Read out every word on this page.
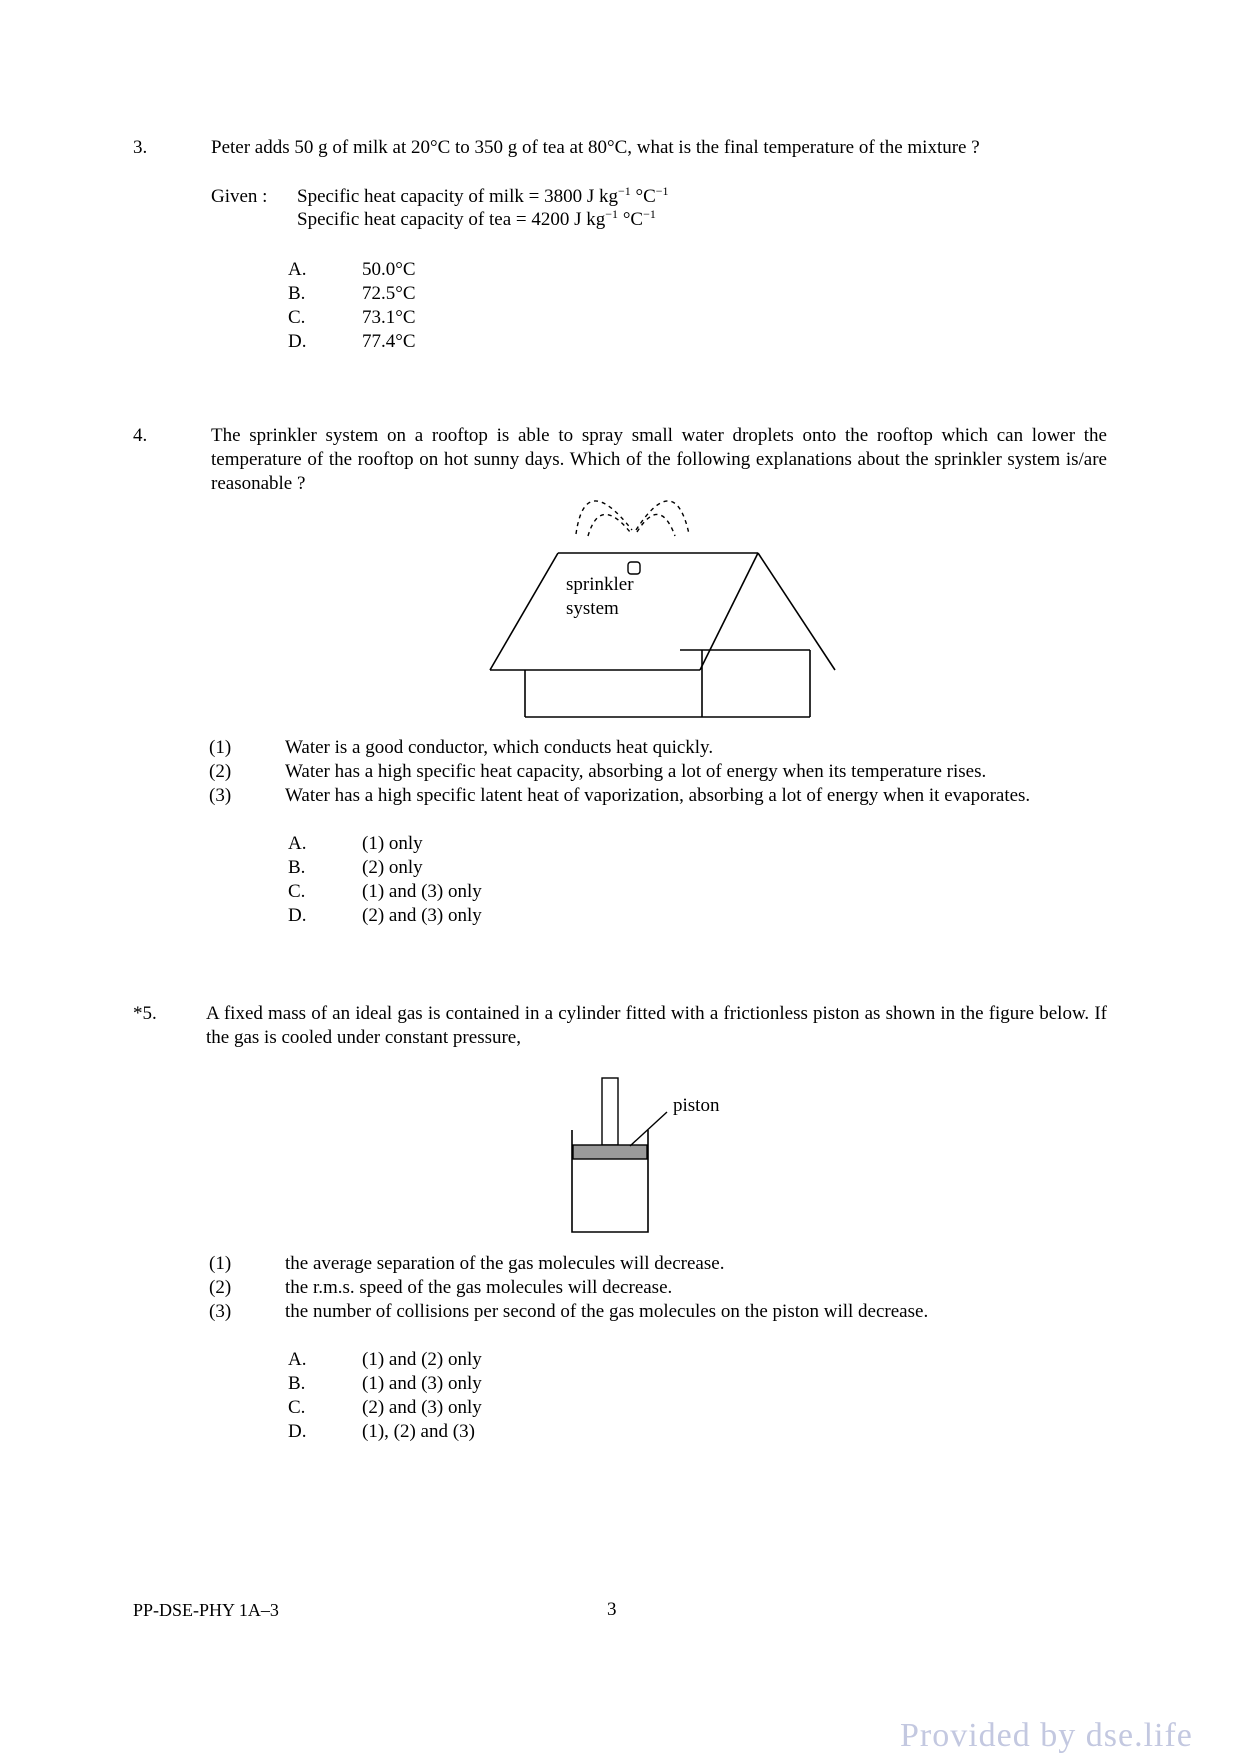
3.	Peter adds 50 g of milk at 20°C to 350 g of tea at 80°C, what is the final temperature of the mixture ?
Given : Specific heat capacity of milk = 3800 J $kg^{-1}$ $^\circ C^{-1}$
Specific heat capacity of tea = 4200 J $kg^{-1}$ $^\circ C^{-1}$
A.	50.0°C
B.	72.5°C
C.	73.1°C
D.	77.4°C
4.	The sprinkler system on a rooftop is able to spray small water droplets onto the rooftop which can lower the temperature of the rooftop on hot sunny days. Which of the following explanations about the sprinkler system is/are reasonable ?
sprinkler
system
(1)	Water is a good conductor, which conducts heat quickly.
(2)	Water has a high specific heat capacity, absorbing a lot of energy when its temperature rises.
(3)	Water has a high specific latent heat of vaporization, absorbing a lot of energy when it evaporates.
A.	(1) only
B.	(2) only
C.	(1) and (3) only
D.	(2) and (3) only
*5.	A fixed mass of an ideal gas is contained in a cylinder fitted with a frictionless piston as shown in the figure below. If the gas is cooled under constant pressure,
piston
(1)	the average separation of the gas molecules will decrease.
(2)	the r.m.s. speed of the gas molecules will decrease.
(3)	the number of collisions per second of the gas molecules on the piston will decrease.
A.	(1) and (2) only
B.	(1) and (3) only
C.	(2) and (3) only
D.	(1), (2) and (3)
PP-DSE-PHY 1A–3	3
Provided by dse.life
